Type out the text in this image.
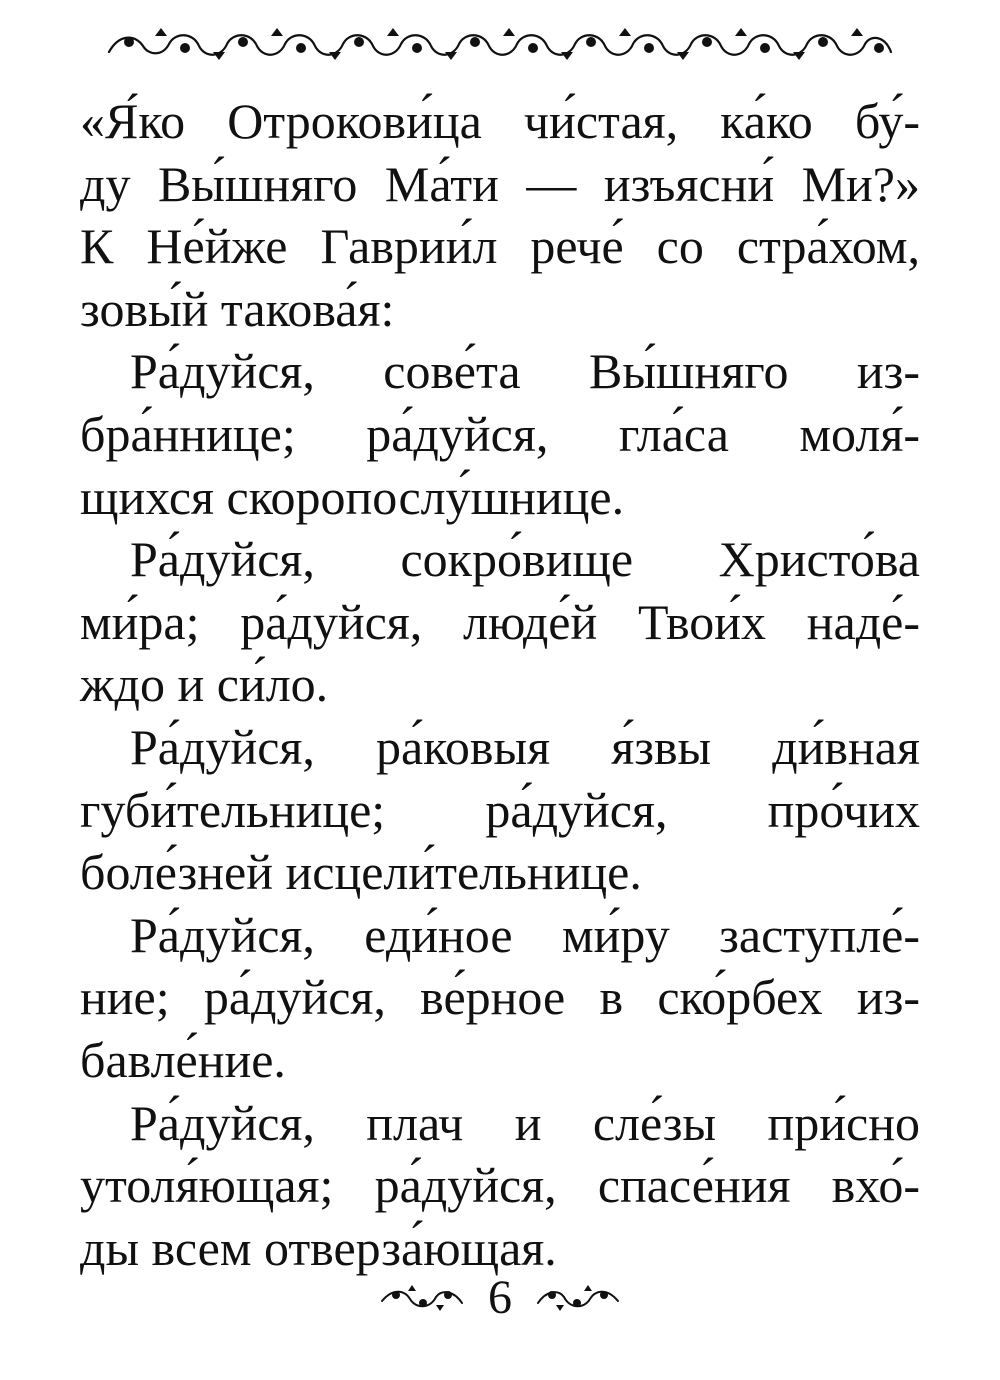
«Я́ко Отрокови́ца чи́стая, ка́ко бу́-
ду Вы́шняго Ма́ти — изъясни́ Ми?»
К Не́йже Гаврии́л рече́ со стра́хом,
зовы́й такова́я:
Ра́дуйся, сове́та Вы́шняго из-
бра́ннице; ра́дуйся, гла́са моля́-
щихся скоропослу́шнице.
Ра́дуйся, сокро́вище Христо́ва
ми́ра; ра́дуйся, люде́й Твои́х наде́-
ждо и си́ло.
Ра́дуйся, ра́ковыя я́звы ди́вная
губи́тельнице; ра́дуйся, про́чих
боле́зней исцели́тельнице.
Ра́дуйся, еди́ное ми́ру заступле́-
ние; ра́дуйся, ве́рное в ско́рбех из-
бавле́ние.
Ра́дуйся, плач и сле́зы при́сно
утоля́ющая; ра́дуйся, спасе́ния вхо́-
ды всем отверза́ющая.
6
